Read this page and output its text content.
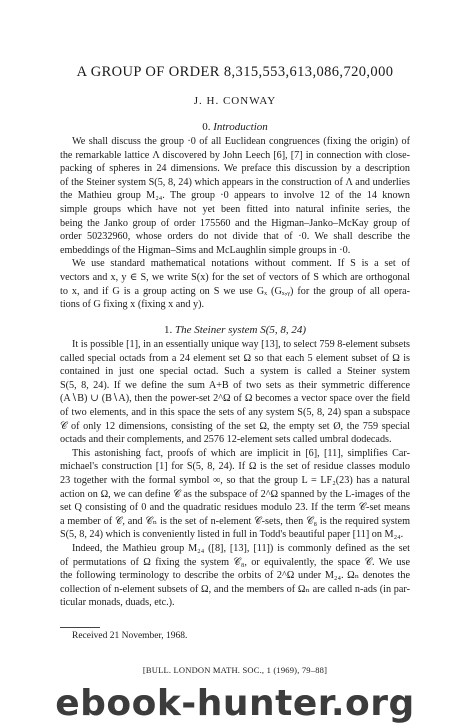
A GROUP OF ORDER 8,315,553,613,086,720,000
J. H. CONWAY
0. Introduction
We shall discuss the group ·0 of all Euclidean congruences (fixing the origin) of
the remarkable lattice Λ discovered by John Leech [6], [7] in connection with close-
packing of spheres in 24 dimensions. We preface this discussion by a description
of the Steiner system S(5, 8, 24) which appears in the construction of Λ and underlies
the Mathieu group M₂₄. The group ·0 appears to involve 12 of the 14 known
simple groups which have not yet been fitted into natural infinite series, the
being the Janko group of order 175560 and the Higman–Janko–McKay group of
order 50232960, whose orders do not divide that of ·0. We shall describe the
embeddings of the Higman–Sims and McLaughlin simple groups in ·0.
We use standard mathematical notations without comment. If S is a set of
vectors and x, y ∈ S, we write S(x) for the set of vectors of S which are orthogonal
to x, and if G is a group acting on S we use Gₓ (Gₓ,ᵧ) for the group of all opera-
tions of G fixing x (fixing x and y).
1. The Steiner system S(5, 8, 24)
It is possible [1], in an essentially unique way [13], to select 759 8-element subsets
called special octads from a 24 element set Ω so that each 5 element subset of Ω is
contained in just one special octad. Such a system is called a Steiner system
S(5, 8, 24). If we define the sum A+B of two sets as their symmetric difference
(A∖B) ∪ (B∖A), then the power-set 2^Ω of Ω becomes a vector space over the field
of two elements, and in this space the sets of any system S(5, 8, 24) span a subspace
𝒞 of only 12 dimensions, consisting of the set Ω, the empty set Ø, the 759 special
octads and their complements, and 2576 12-element sets called umbral dodecads.
This astonishing fact, proofs of which are implicit in [6], [11], simplifies Car-
michael's construction [1] for S(5, 8, 24). If Ω is the set of residue classes modulo
23 together with the formal symbol ∞, so that the group L = LF₂(23) has a natural
action on Ω, we can define 𝒞 as the subspace of 2^Ω spanned by the L-images of the
set Q consisting of 0 and the quadratic residues modulo 23. If the term 𝒞-set means
a member of 𝒞, and 𝒞ₙ is the set of n-element 𝒞-sets, then 𝒞₈ is the required system
S(5, 8, 24) which is conveniently listed in full in Todd's beautiful paper [11] on M₂₄.
Indeed, the Mathieu group M₂₄ ([8], [13], [11]) is commonly defined as the set
of permutations of Ω fixing the system 𝒞₈, or equivalently, the space 𝒞. We use
the following terminology to describe the orbits of 2^Ω under M₂₄. Ωₙ denotes the
collection of n-element subsets of Ω, and the members of Ωₙ are called n-ads (in par-
ticular monads, duads, etc.).
Received 21 November, 1968.
[BULL. LONDON MATH. SOC., 1 (1969), 79–88]
ebook-hunter.org
